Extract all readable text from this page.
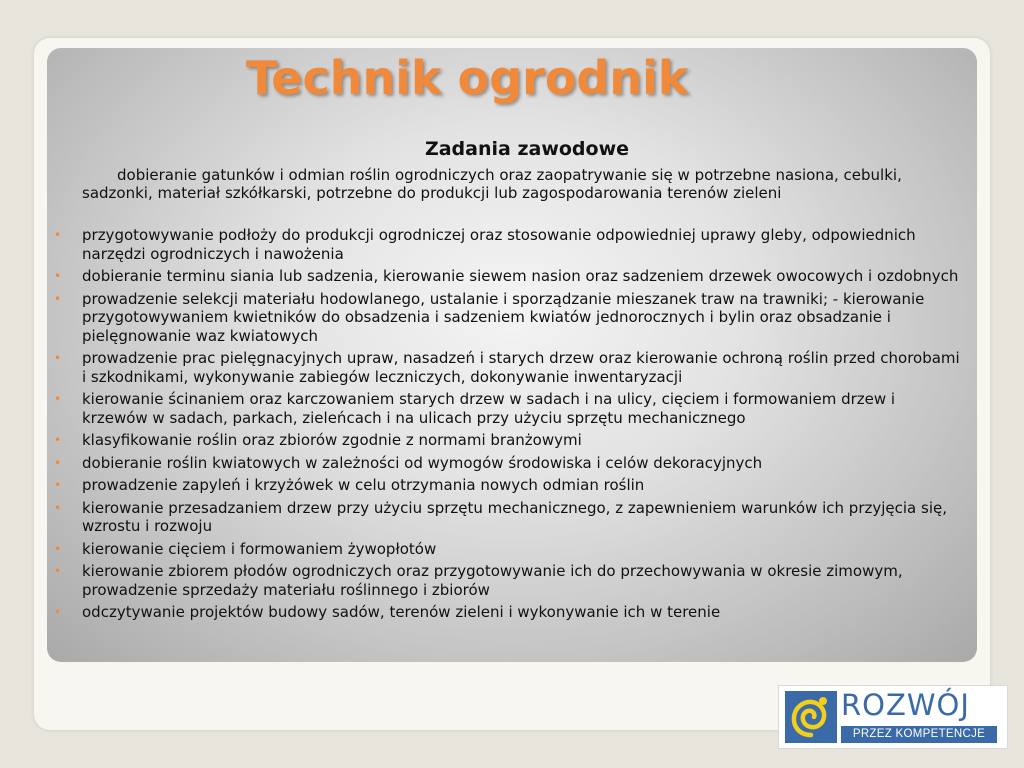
Technik ogrodnik
Zadania zawodowe

dobieranie gatunków i odmian roślin ogrodniczych oraz zaopatrywanie się w potrzebne nasiona, cebulki, sadzonki, materiał szkółkarski, potrzebne do produkcji lub zagospodarowania terenów zieleni

• przygotowywanie podłoży do produkcji ogrodniczej oraz stosowanie odpowiedniej uprawy gleby, odpowiednich narzędzi ogrodniczych i nawożenia
• dobieranie terminu siania lub sadzenia, kierowanie siewem nasion oraz sadzeniem drzewek owocowych i ozdobnych
• prowadzenie selekcji materiału hodowlanego, ustalanie i sporządzanie mieszanek traw na trawniki; - kierowanie przygotowywaniem kwietników do obsadzenia i sadzeniem kwiatów jednorocznych i bylin oraz obsadzanie i pielęgnowanie waz kwiatowych
• prowadzenie prac pielęgnacyjnych upraw, nasadzeń i starych drzew oraz kierowanie ochroną roślin przed chorobami i szkodnikami, wykonywanie zabiegów leczniczych, dokonywanie inwentaryzacji
• kierowanie ścinaniem oraz karczowaniem starych drzew w sadach i na ulicy, cięciem i formowaniem drzew i krzewów w sadach, parkach, zieleńcach i na ulicach przy użyciu sprzętu mechanicznego
• klasyfikowanie roślin oraz zbiorów zgodnie z normami branżowymi
• dobieranie roślin kwiatowych w zależności od wymogów środowiska i celów dekoracyjnych
• prowadzenie zapyleń i krzyżówek w celu otrzymania nowych odmian roślin
• kierowanie przesadzaniem drzew przy użyciu sprzętu mechanicznego, z zapewnieniem warunków ich przyjęcia się, wzrostu i rozwoju
• kierowanie cięciem i formowaniem żywopłotów
• kierowanie zbiorem płodów ogrodniczych oraz przygotowywanie ich do przechowywania w okresie zimowym, prowadzenie sprzedaży materiału roślinnego i zbiorów
• odczytywanie projektów budowy sadów, terenów zieleni i wykonywanie ich w terenie
ROZWÓJ
PRZEZ KOMPETENCJE
